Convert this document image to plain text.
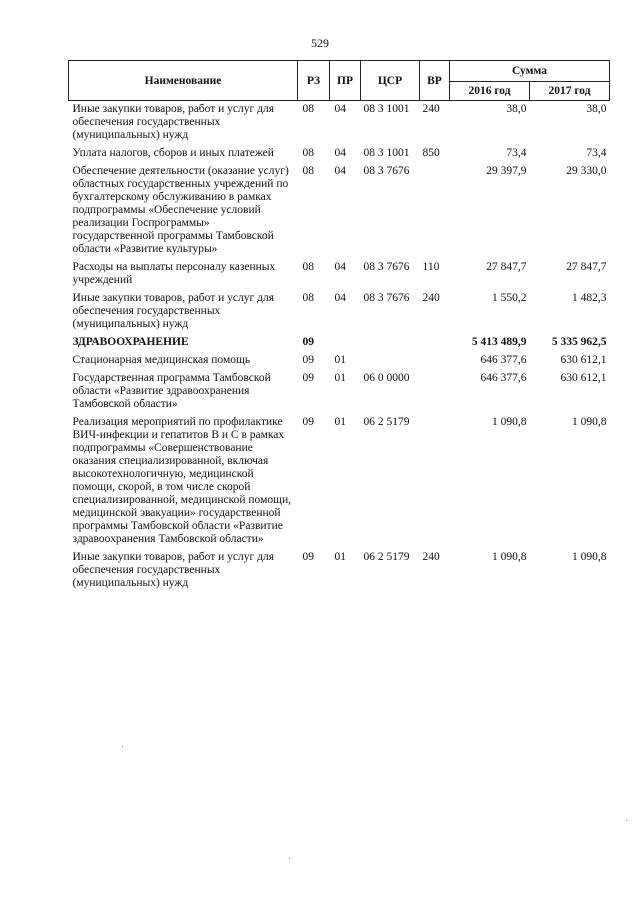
529
Наименование	РЗ	ПР	ЦСР	ВР	Сумма	
					2016 год	2017 год
Иные закупки товаров, работ и услуг для обеспечения государственных (муниципальных) нужд	08	04	08 3 1001	240	38,0	38,0
Уплата налогов, сборов и иных платежей	08	04	08 3 1001	850	73,4	73,4
Обеспечение деятельности (оказание услуг) областных государственных учреждений по бухгалтерскому обслуживанию в рамках подпрограммы «Обеспечение условий реализации Госпрограммы» государственной программы Тамбовской области «Развитие культуры»	08	04	08 3 7676		29 397,9	29 330,0
Расходы на выплаты персоналу казенных учреждений	08	04	08 3 7676	110	27 847,7	27 847,7
Иные закупки товаров, работ и услуг для обеспечения государственных (муниципальных) нужд	08	04	08 3 7676	240	1 550,2	1 482,3
ЗДРАВООХРАНЕНИЕ	09				5 413 489,9	5 335 962,5
Стационарная медицинская помощь	09	01			646 377,6	630 612,1
Государственная программа Тамбовской области «Развитие здравоохранения Тамбовской области»	09	01	06 0 0000		646 377,6	630 612,1
Реализация мероприятий по профилактике ВИЧ-инфекции и гепатитов В и С в рамках подпрограммы «Совершенствование оказания специализированной, включая высокотехнологичную, медицинской помощи, скорой, в том числе скорой специализированной, медицинской помощи, медицинской эвакуации» государственной программы Тамбовской области «Развитие здравоохранения Тамбовской области»	09	01	06 2 5179		1 090,8	1 090,8
Иные закупки товаров, работ и услуг для обеспечения государственных (муниципальных) нужд	09	01	06 2 5179	240	1 090,8	1 090,8
